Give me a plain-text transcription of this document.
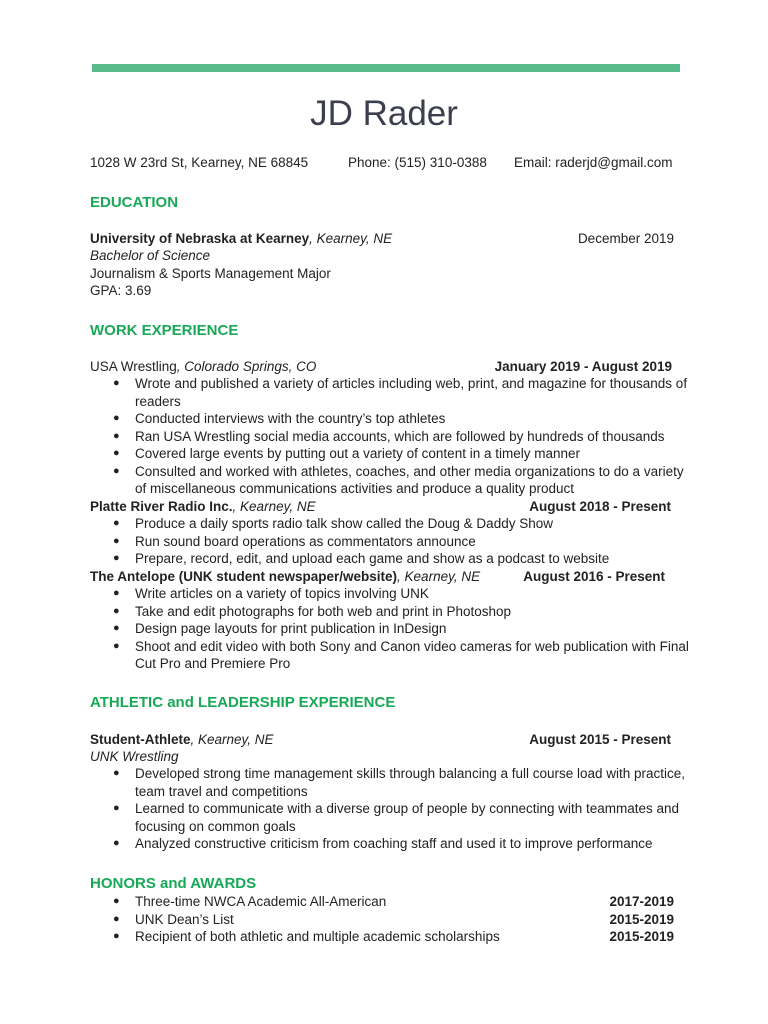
JD Rader
1028 W 23rd St, Kearney, NE 68845	Phone: (515) 310-0388 Email: raderjd@gmail.com
EDUCATION
University of Nebraska at Kearney, Kearney, NE	December 2019
Bachelor of Science
Journalism & Sports Management Major
GPA: 3.69
WORK EXPERIENCE
USA Wrestling, Colorado Springs, CO	January 2019 - August 2019
● Wrote and published a variety of articles including web, print, and magazine for thousands of readers
● Conducted interviews with the country’s top athletes
● Ran USA Wrestling social media accounts, which are followed by hundreds of thousands
● Covered large events by putting out a variety of content in a timely manner
● Consulted and worked with athletes, coaches, and other media organizations to do a variety of miscellaneous communications activities and produce a quality product
Platte River Radio Inc., Kearney, NE	August 2018 - Present
● Produce a daily sports radio talk show called the Doug & Daddy Show
● Run sound board operations as commentators announce
● Prepare, record, edit, and upload each game and show as a podcast to website
The Antelope (UNK student newspaper/website), Kearney, NE	August 2016 - Present
● Write articles on a variety of topics involving UNK
● Take and edit photographs for both web and print in Photoshop
● Design page layouts for print publication in InDesign
● Shoot and edit video with both Sony and Canon video cameras for web publication with Final Cut Pro and Premiere Pro
ATHLETIC and LEADERSHIP EXPERIENCE
Student-Athlete, Kearney, NE	August 2015 - Present
UNK Wrestling
● Developed strong time management skills through balancing a full course load with practice, team travel and competitions
● Learned to communicate with a diverse group of people by connecting with teammates and focusing on common goals
● Analyzed constructive criticism from coaching staff and used it to improve performance
HONORS and AWARDS
● Three-time NWCA Academic All-American	2017-2019
● UNK Dean’s List	2015-2019
● Recipient of both athletic and multiple academic scholarships	2015-2019
